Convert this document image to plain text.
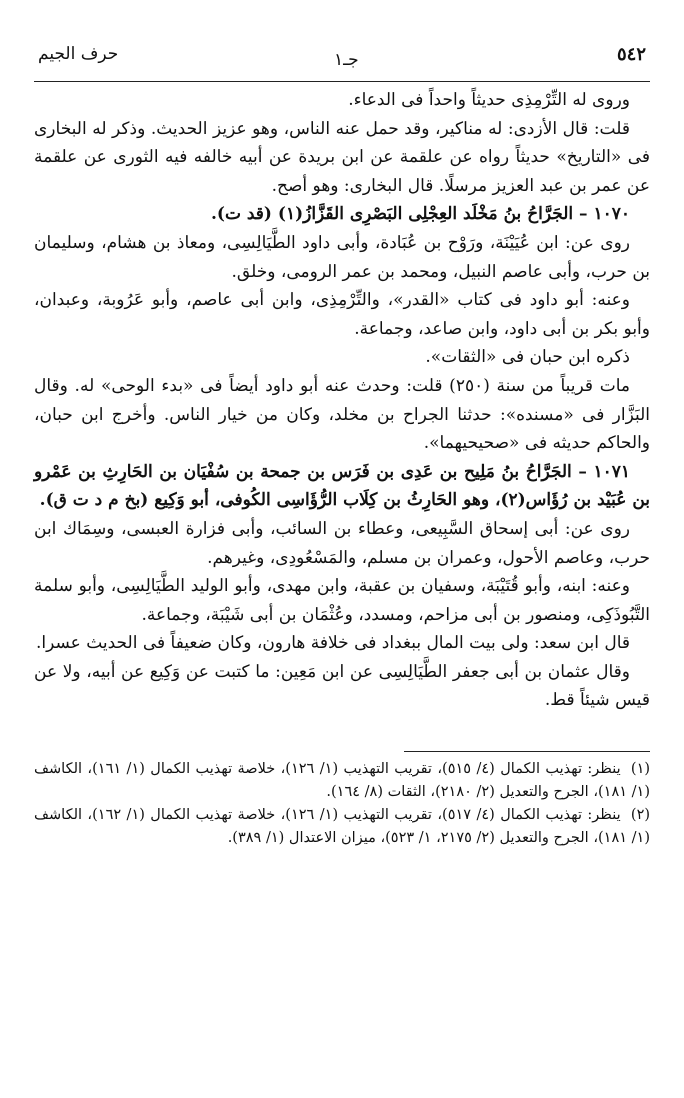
حرف الجيم	جـ١	٥٤٢

وروى له التِّرْمِذِى حديثاً واحداً فى الدعاء.

قلت: قال الأزدى: له مناكير، وقد حمل عنه الناس، وهو عزيز الحديث. وذكر له البخارى فى «التاريخ» حديثاً رواه عن علقمة عن ابن بريدة عن أبيه خالفه فيه الثورى عن علقمة عن عمر بن عبد العزيز مرسلًا. قال البخارى: وهو أصح.

١٠٧٠ – الجَرَّاحُ بنُ مَخْلَد العِجْلِى البَصْرِى القَزَّازُ(١) (قد ت).

روى عن: ابن عُيَيْنَة، ورَوْح بن عُبَادة، وأبى داود الطَّيَالِسِى، ومعاذ بن هشام، وسليمان بن حرب، وأبى عاصم النبيل، ومحمد بن عمر الرومى، وخلق.

وعنه: أبو داود فى كتاب «القدر»، والتِّرْمِذِى، وابن أبى عاصم، وأبو عَرُوبة، وعبدان، وأبو بكر بن أبى داود، وابن صاعد، وجماعة.

ذكره ابن حبان فى «الثقات».

مات قريباً من سنة (٢٥٠) قلت: وحدث عنه أبو داود أيضاً فى «بدء الوحى» له. وقال البَزَّار فى «مسنده»: حدثنا الجراح بن مخلد، وكان من خيار الناس. وأخرج ابن حبان، والحاكم حديثه فى «صحيحيهما».

١٠٧١ – الجَرَّاحُ بنُ مَلِيح بن عَدِى بن فَرَس بن جمحة بن سُفْيَان بن الحَارِثِ بن عَمْرو بن عُبَيْد بن رُؤَاس(٢)، وهو الحَارِثُ بن كِلَاب الرُّؤَاسِى الكُوفى، أبو وَكِيع (بخ م د ت ق).

روى عن: أبى إسحاق السَّبِيعى، وعطاء بن السائب، وأبى فزارة العبسى، وسِمَاك ابن حرب، وعاصم الأحول، وعمران بن مسلم، والمَسْعُودِى، وغيرهم.

وعنه: ابنه، وأبو قُتَيْبَة، وسفيان بن عقبة، وابن مهدى، وأبو الوليد الطَّيَالِسِى، وأبو سلمة التَّبُوذَكِى، ومنصور بن أبى مزاحم، ومسدد، وعُثْمَان بن أبى شَيْبَة، وجماعة.

قال ابن سعد: ولى بيت المال ببغداد فى خلافة هارون، وكان ضعيفاً فى الحديث عسرا.

وقال عثمان بن أبى جعفر الطَّيَالِسِى عن ابن مَعِين: ما كتبت عن وَكِيع عن أبيه، ولا عن قيس شيئاً قط.

(١) ينظر: تهذيب الكمال (٤/ ٥١٥)، تقريب التهذيب (١/ ١٢٦)، خلاصة تهذيب الكمال (١/ ١٦١)، الكاشف (١/ ١٨١)، الجرح والتعديل (٢/ ٢١٨٠)، الثقات (٨/ ١٦٤).

(٢) ينظر: تهذيب الكمال (٤/ ٥١٧)، تقريب التهذيب (١/ ١٢٦)، خلاصة تهذيب الكمال (١/ ١٦٢)، الكاشف (١/ ١٨١)، الجرح والتعديل (٢/ ٢١٧٥، ١/ ٥٢٣)، ميزان الاعتدال (١/ ٣٨٩).
